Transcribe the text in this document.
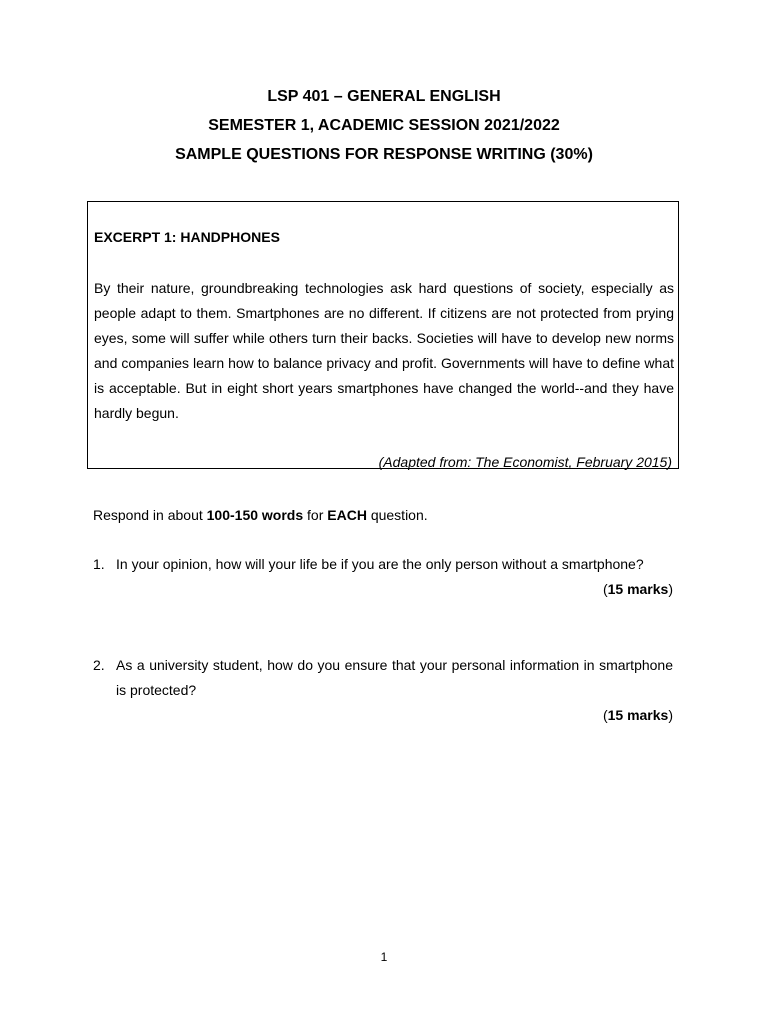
LSP 401 – GENERAL ENGLISH
SEMESTER 1, ACADEMIC SESSION 2021/2022
SAMPLE QUESTIONS FOR RESPONSE WRITING (30%)
EXCERPT 1: HANDPHONES
By their nature, groundbreaking technologies ask hard questions of society, especially as people adapt to them. Smartphones are no different. If citizens are not protected from prying eyes, some will suffer while others turn their backs. Societies will have to develop new norms and companies learn how to balance privacy and profit. Governments will have to define what is acceptable. But in eight short years smartphones have changed the world--and they have hardly begun.
(Adapted from: The Economist, February 2015)
Respond in about 100-150 words for EACH question.
1. In your opinion, how will your life be if you are the only person without a smartphone?
(15 marks)
2. As a university student, how do you ensure that your personal information in smartphone is protected?
(15 marks)
1
